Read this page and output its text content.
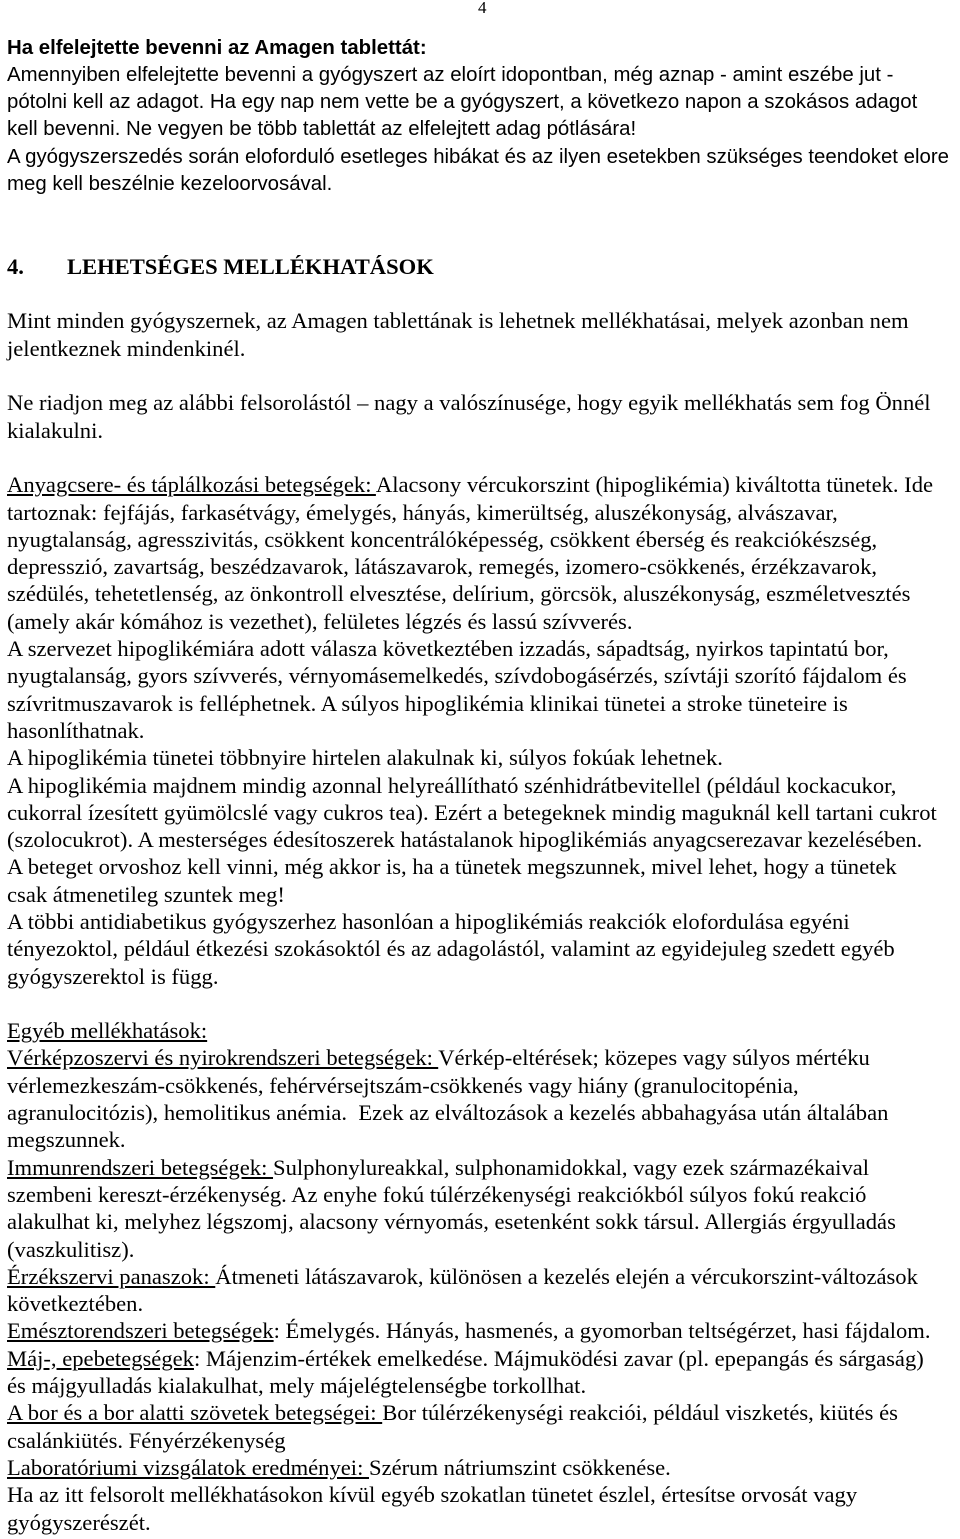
4
Ha elfelejtette bevenni az Amagen tablettát:
Amennyiben elfelejtette bevenni a gyógyszert az eloírt idopontban, még aznap - amint eszébe jut -
pótolni kell az adagot. Ha egy nap nem vette be a gyógyszert, a következo napon a szokásos adagot
kell bevenni. Ne vegyen be több tablettát az elfelejtett adag pótlására!
A gyógyszerszedés során eloforduló esetleges hibákat és az ilyen esetekben szükséges teendoket elore
meg kell beszélnie kezeloorvosával.
4. LEHETSÉGES MELLÉKHATÁSOK
Mint minden gyógyszernek, az Amagen tablettának is lehetnek mellékhatásai, melyek azonban nem
jelentkeznek mindenkinél.
Ne riadjon meg az alábbi felsorolástól – nagy a valószínusége, hogy egyik mellékhatás sem fog Önnél
kialakulni.
Anyagcsere- és táplálkozási betegségek: Alacsony vércukorszint (hipoglikémia) kiváltotta tünetek. Ide
tartoznak: fejfájás, farkasétvágy, émelygés, hányás, kimerültség, aluszékonyság, alvászavar,
nyugtalanság, agresszivitás, csökkent koncentrálóképesség, csökkent éberség és reakciókészség,
depresszió, zavartság, beszédzavarok, látászavarok, remegés, izomero-csökkenés, érzékzavarok,
szédülés, tehetetlenség, az önkontroll elvesztése, delírium, görcsök, aluszékonyság, eszméletvesztés
(amely akár kómához is vezethet), felületes légzés és lassú szívverés.
A szervezet hipoglikémiára adott válasza következtében izzadás, sápadtság, nyirkos tapintatú bor,
nyugtalanság, gyors szívverés, vérnyomásemelkedés, szívdobogásérzés, szívtáji szorító fájdalom és
szívritmuszavarok is felléphetnek. A súlyos hipoglikémia klinikai tünetei a stroke tüneteire is
hasonlíthatnak.
A hipoglikémia tünetei többnyire hirtelen alakulnak ki, súlyos fokúak lehetnek.
A hipoglikémia majdnem mindig azonnal helyreállítható szénhidrátbevitellel (például kockacukor,
cukorral ízesített gyümölcslé vagy cukros tea). Ezért a betegeknek mindig maguknál kell tartani cukrot
(szolocukrot). A mesterséges édesítoszerek hatástalanok hipoglikémiás anyagcserezavar kezelésében.
A beteget orvoshoz kell vinni, még akkor is, ha a tünetek megszunnek, mivel lehet, hogy a tünetek
csak átmenetileg szuntek meg!
A többi antidiabetikus gyógyszerhez hasonlóan a hipoglikémiás reakciók elofordulása egyéni
tényezoktol, például étkezési szokásoktól és az adagolástól, valamint az egyidejuleg szedett egyéb
gyógyszerektol is függ.
Egyéb mellékhatások:
Vérképzoszervi és nyirokrendszeri betegségek: Vérkép-eltérések; közepes vagy súlyos mértéku
vérlemezkeszám-csökkenés, fehérvérsejtszám-csökkenés vagy hiány (granulocitopénia,
agranulocitózis), hemolitikus anémia.  Ezek az elváltozások a kezelés abbahagyása után általában
megszunnek.
Immunrendszeri betegségek: Sulphonylureakkal, sulphonamidokkal, vagy ezek származékaival
szembeni kereszt-érzékenység. Az enyhe fokú túlérzékenységi reakciókból súlyos fokú reakció
alakulhat ki, melyhez légszomj, alacsony vérnyomás, esetenként sokk társul. Allergiás érgyulladás
(vaszkulitisz).
Érzékszervi panaszok: Átmeneti látászavarok, különösen a kezelés elején a vércukorszint-változások
következtében.
Emésztorendszeri betegségek: Émelygés. Hányás, hasmenés, a gyomorban teltségérzet, hasi fájdalom.
Máj-, epebetegségek: Májenzim-értékek emelkedése. Májmuködési zavar (pl. epepangás és sárgaság)
és májgyulladás kialakulhat, mely májelégtelenségbe torkollhat.
A bor és a bor alatti szövetek betegségei: Bor túlérzékenységi reakciói, például viszketés, kiütés és
csalánkiütés. Fényérzékenység
Laboratóriumi vizsgálatok eredményei: Szérum nátriumszint csökkenése.
Ha az itt felsorolt mellékhatásokon kívül egyéb szokatlan tünetet észlel, értesítse orvosát vagy
gyógyszerészét.
